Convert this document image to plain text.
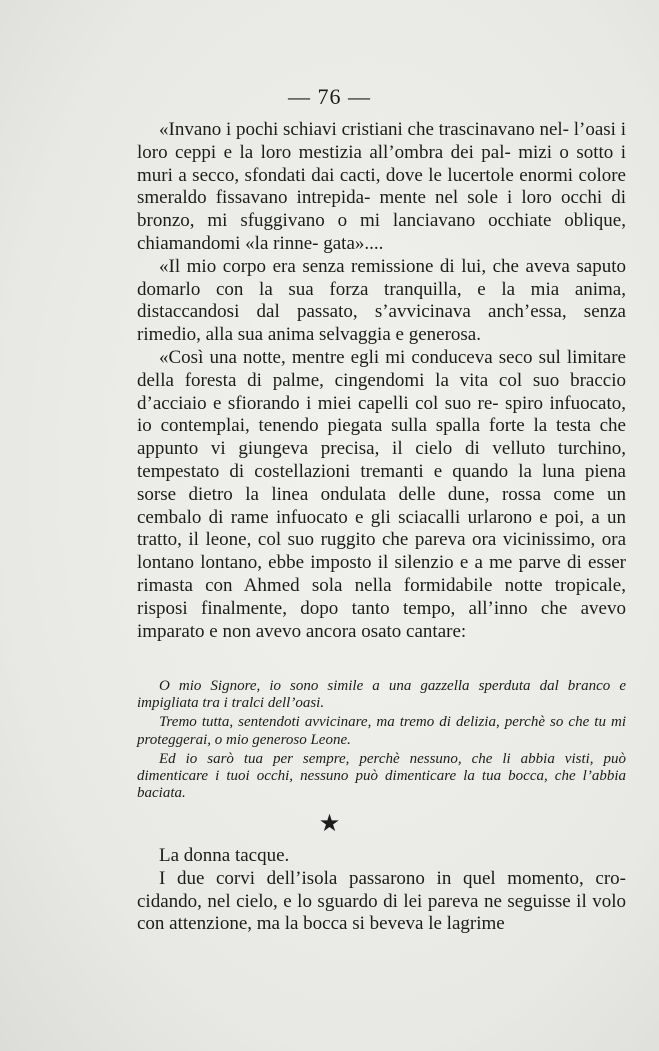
— 76 —

«Invano i pochi schiavi cristiani che trascinavano nel- l’oasi i loro ceppi e la loro mestizia all’ombra dei pal- mizi o sotto i muri a secco, sfondati dai cacti, dove le lucertole enormi colore smeraldo fissavano intrepida- mente nel sole i loro occhi di bronzo, mi sfuggivano o mi lanciavano occhiate oblique, chiamandomi «la rinne- gata»....

«Il mio corpo era senza remissione di lui, che aveva saputo domarlo con la sua forza tranquilla, e la mia anima, distaccandosi dal passato, s’avvicinava anch’essa, senza rimedio, alla sua anima selvaggia e generosa.

«Così una notte, mentre egli mi conduceva seco sul limitare della foresta di palme, cingendomi la vita col suo braccio d’acciaio e sfiorando i miei capelli col suo re- spiro infuocato, io contemplai, tenendo piegata sulla spalla forte la testa che appunto vi giungeva precisa, il cielo di velluto turchino, tempestato di costellazioni tremanti e quando la luna piena sorse dietro la linea ondulata delle dune, rossa come un cembalo di rame infuocato e gli sciacalli urlarono e poi, a un tratto, il leone, col suo ruggito che pareva ora vicinissimo, ora lontano lontano, ebbe imposto il silenzio e a me parve di esser rimasta con Ahmed sola nella formidabile notte tropicale, risposi finalmente, dopo tanto tempo, all’inno che avevo imparato e non avevo ancora osato cantare:

O mio Signore, io sono simile a una gazzella sperduta dal branco e impigliata tra i tralci dell’oasi.

Tremo tutta, sentendoti avvicinare, ma tremo di delizia, perchè so che tu mi proteggerai, o mio generoso Leone.

Ed io sarò tua per sempre, perchè nessuno, che li abbia visti, può dimenticare i tuoi occhi, nessuno può dimenticare la tua bocca, che l’abbia baciata.

★

La donna tacque.

I due corvi dell’isola passarono in quel momento, cro- cidando, nel cielo, e lo sguardo di lei pareva ne seguisse il volo con attenzione, ma la bocca si beveva le lagrime
